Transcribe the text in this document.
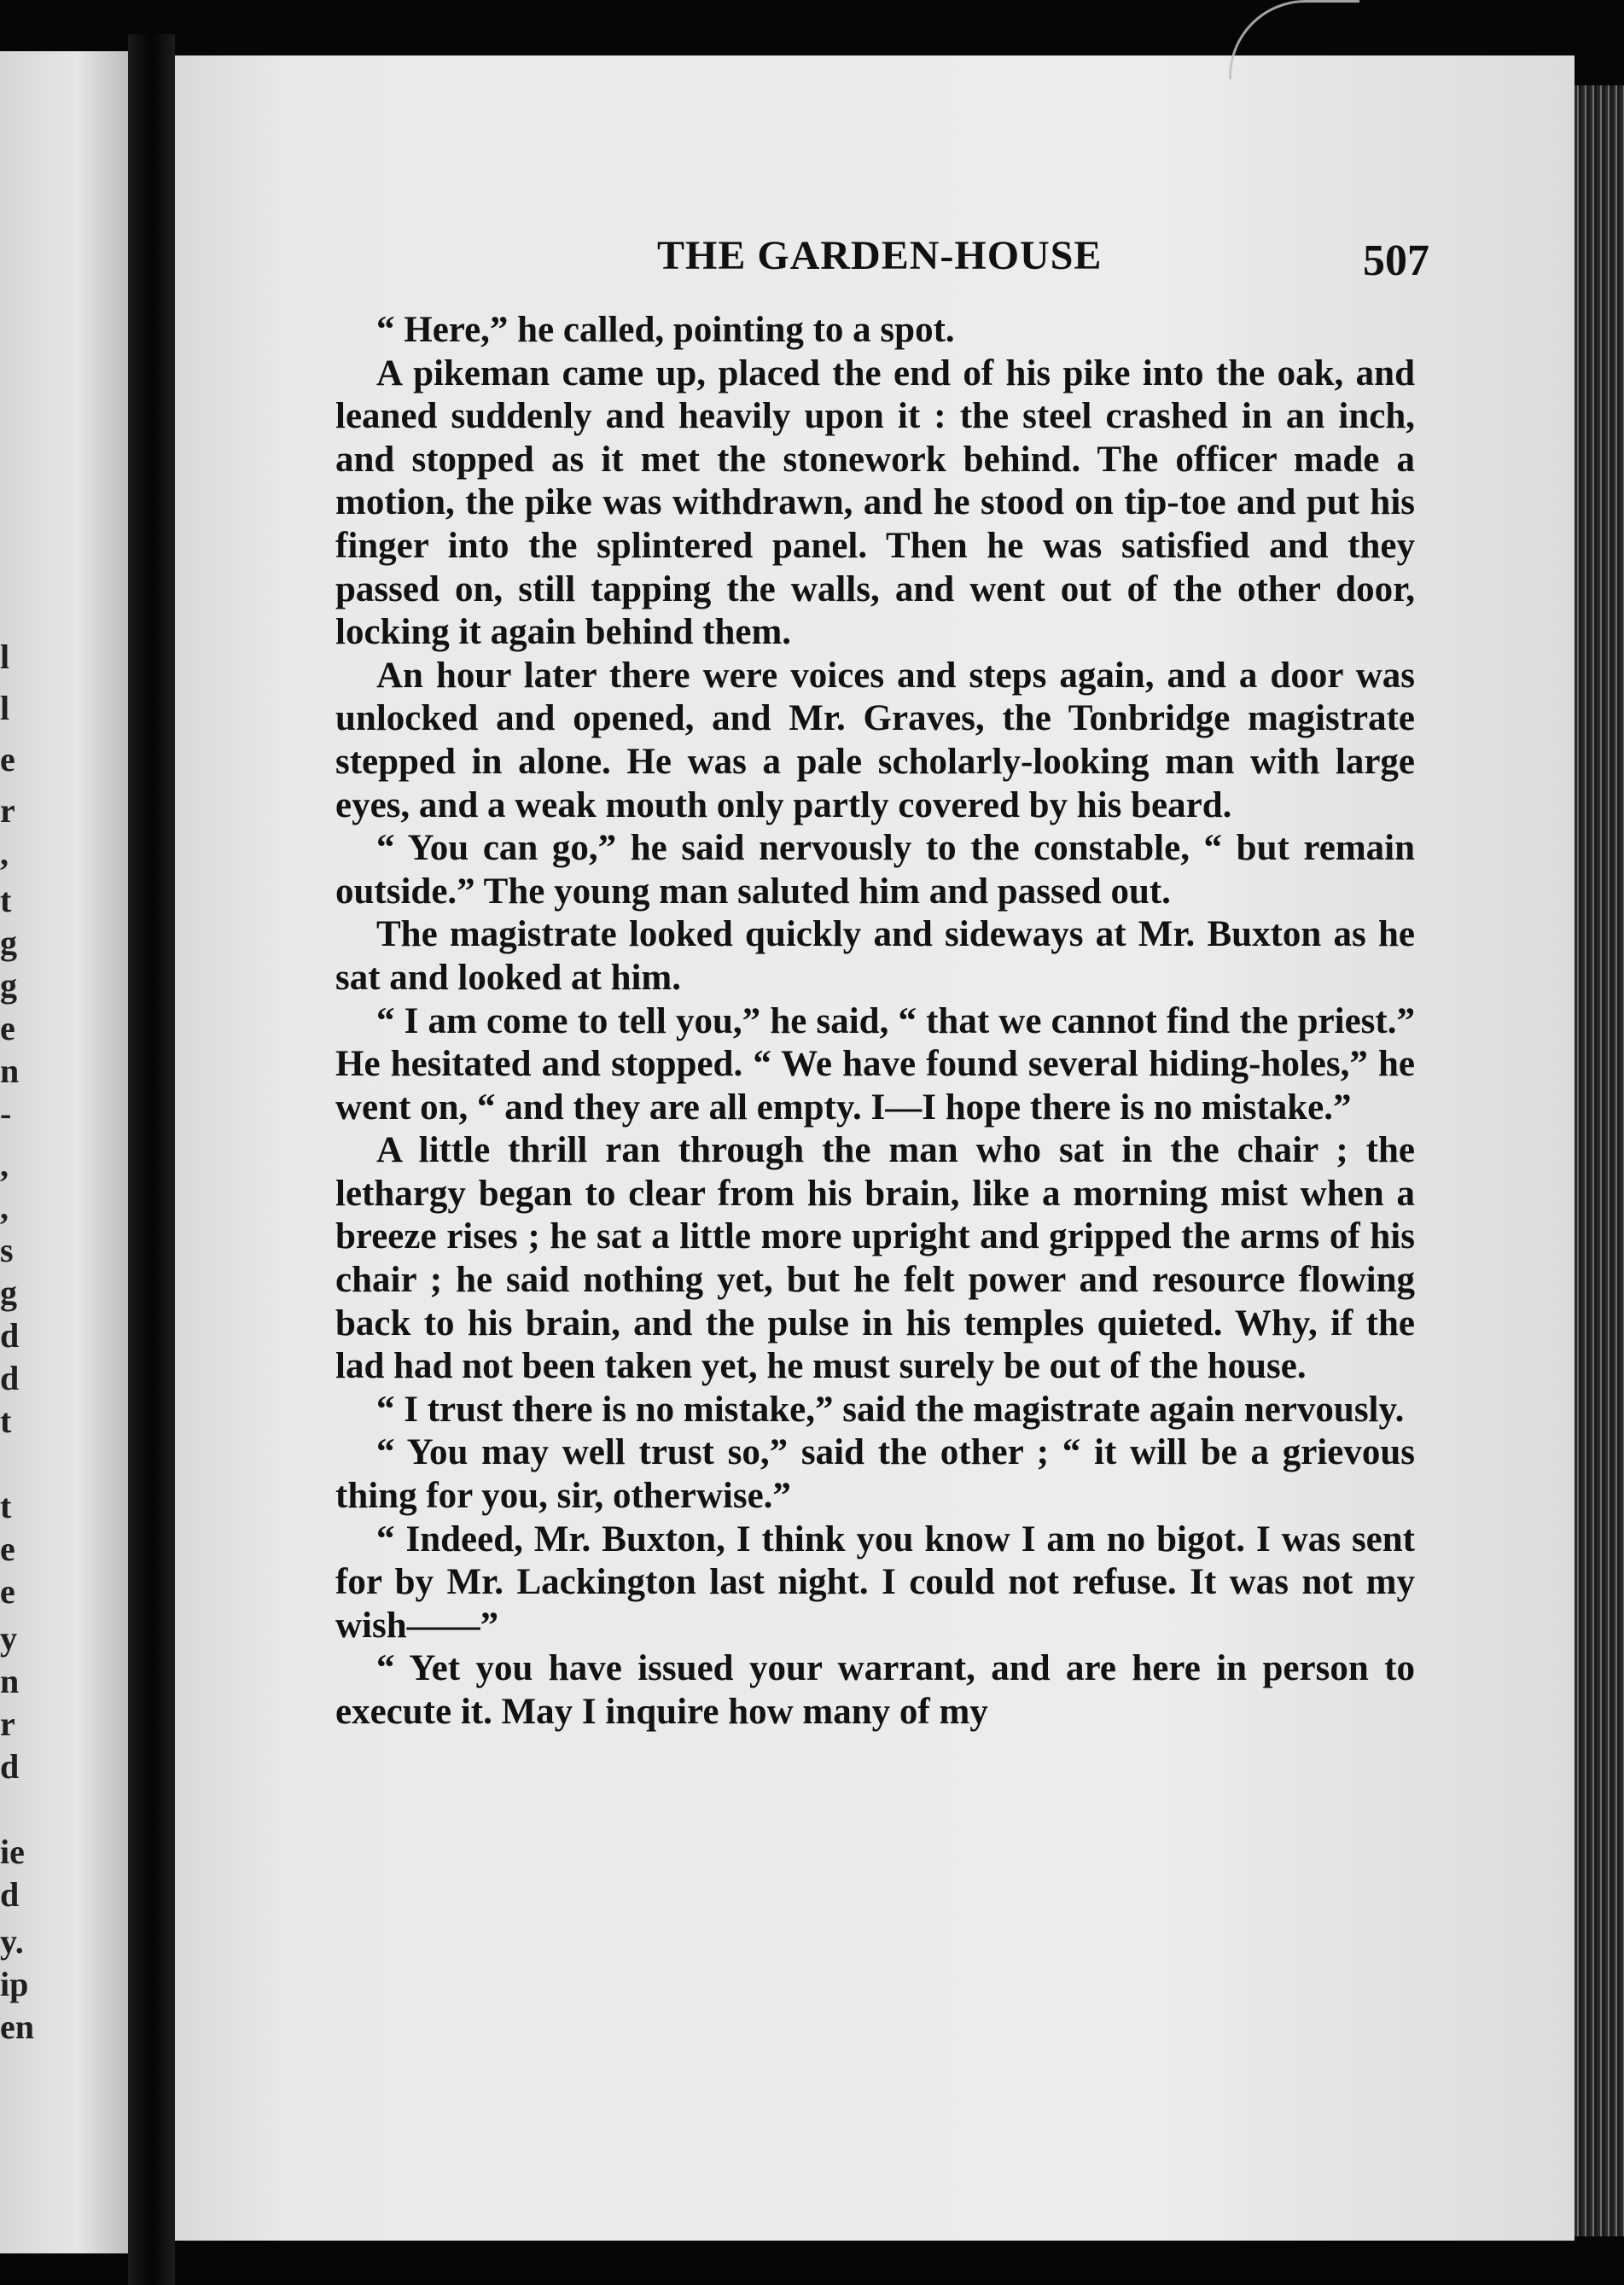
l
l
e
r
,
t
g
g
e
n
-
,
,
s
g
d
d
t
t
e
e
y
n
r
d
ie
d
y.
ip
en
THE GARDEN-HOUSE	507

“ Here,” he called, pointing to a spot.

A pikeman came up, placed the end of his pike into the oak, and leaned suddenly and heavily upon it : the steel crashed in an inch, and stopped as it met the stonework behind. The officer made a motion, the pike was withdrawn, and he stood on tip-toe and put his finger into the splintered panel. Then he was satisfied and they passed on, still tapping the walls, and went out of the other door, locking it again behind them.

An hour later there were voices and steps again, and a door was unlocked and opened, and Mr. Graves, the Tonbridge magistrate stepped in alone. He was a pale scholarly-looking man with large eyes, and a weak mouth only partly covered by his beard.

“ You can go,” he said nervously to the constable, “ but remain outside.” The young man saluted him and passed out.

The magistrate looked quickly and sideways at Mr. Buxton as he sat and looked at him.

“ I am come to tell you,” he said, “ that we cannot find the priest.” He hesitated and stopped. “ We have found several hiding-holes,” he went on, “ and they are all empty. I—I hope there is no mistake.”

A little thrill ran through the man who sat in the chair ; the lethargy began to clear from his brain, like a morning mist when a breeze rises ; he sat a little more upright and gripped the arms of his chair ; he said nothing yet, but he felt power and resource flowing back to his brain, and the pulse in his temples quieted. Why, if the lad had not been taken yet, he must surely be out of the house.

“ I trust there is no mistake,” said the magistrate again nervously.

“ You may well trust so,” said the other ; “ it will be a grievous thing for you, sir, otherwise.”

“ Indeed, Mr. Buxton, I think you know I am no bigot. I was sent for by Mr. Lackington last night. I could not refuse. It was not my wish——”

“ Yet you have issued your warrant, and are here in person to execute it. May I inquire how many of my
